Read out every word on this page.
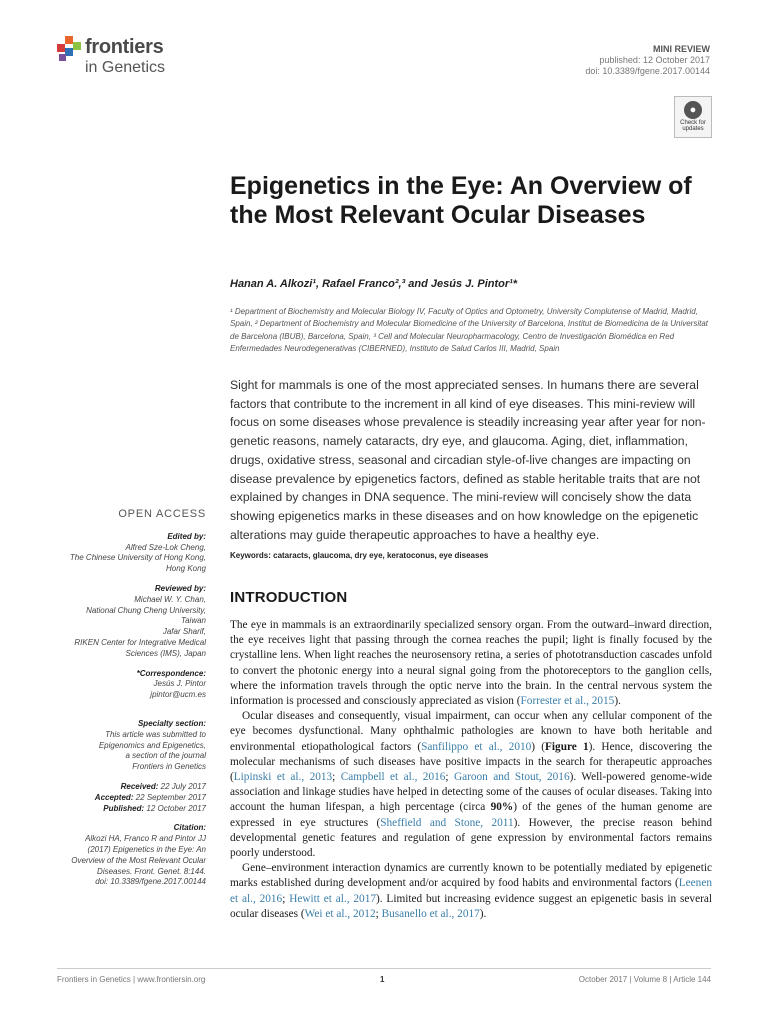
frontiers
in Genetics
MINI REVIEW
published: 12 October 2017
doi: 10.3389/fgene.2017.00144
●
Check for updates
Epigenetics in the Eye: An Overview of the Most Relevant Ocular Diseases
Hanan A. Alkozi¹, Rafael Franco²,³ and Jesús J. Pintor¹*
¹ Department of Biochemistry and Molecular Biology IV, Faculty of Optics and Optometry, University Complutense of Madrid, Madrid, Spain, ² Department of Biochemistry and Molecular Biomedicine of the University of Barcelona, Institut de Biomedicina de la Universitat de Barcelona (IBUB), Barcelona, Spain, ³ Cell and Molecular Neuropharmacology, Centro de Investigación Biomédica en Red Enfermedades Neurodegenerativas (CIBERNED), Instituto de Salud Carlos III, Madrid, Spain
Sight for mammals is one of the most appreciated senses. In humans there are several factors that contribute to the increment in all kind of eye diseases. This mini-review will focus on some diseases whose prevalence is steadily increasing year after year for non-genetic reasons, namely cataracts, dry eye, and glaucoma. Aging, diet, inflammation, drugs, oxidative stress, seasonal and circadian style-of-live changes are impacting on disease prevalence by epigenetics factors, defined as stable heritable traits that are not explained by changes in DNA sequence. The mini-review will concisely show the data showing epigenetics marks in these diseases and on how knowledge on the epigenetic alterations may guide therapeutic approaches to have a healthy eye.
Keywords: cataracts, glaucoma, dry eye, keratoconus, eye diseases
INTRODUCTION

The eye in mammals is an extraordinarily specialized sensory organ. From the outward–inward direction, the eye receives light that passing through the cornea reaches the pupil; light is finally focused by the crystalline lens. When light reaches the neurosensory retina, a series of phototransduction cascades unfold to convert the photonic energy into a neural signal going from the photoreceptors to the ganglion cells, where the information travels through the optic nerve into the brain. In the central nervous system the information is processed and consciously appreciated as vision (Forrester et al., 2015).

Ocular diseases and consequently, visual impairment, can occur when any cellular component of the eye becomes dysfunctional. Many ophthalmic pathologies are known to have both heritable and environmental etiopathological factors (Sanfilippo et al., 2010) (Figure 1). Hence, discovering the molecular mechanisms of such diseases have positive impacts in the search for therapeutic approaches (Lipinski et al., 2013; Campbell et al., 2016; Garoon and Stout, 2016). Well-powered genome-wide association and linkage studies have helped in detecting some of the causes of ocular diseases. Taking into account the human lifespan, a high percentage (circa 90%) of the genes of the human genome are expressed in eye structures (Sheffield and Stone, 2011). However, the precise reason behind developmental genetic features and regulation of gene expression by environmental factors remains poorly understood.

Gene–environment interaction dynamics are currently known to be potentially mediated by epigenetic marks established during development and/or acquired by food habits and environmental factors (Leenen et al., 2016; Hewitt et al., 2017). Limited but increasing evidence suggest an epigenetic basis in several ocular diseases (Wei et al., 2012; Busanello et al., 2017).

OPEN ACCESS
Edited by:
Alfred Sze-Lok Cheng,
The Chinese University of Hong Kong,
Hong Kong
Reviewed by:
Michael W. Y. Chan,
National Chung Cheng University,
Taiwan
Jafar Sharif,
RIKEN Center for Integrative Medical
Sciences (IMS), Japan
*Correspondence:
Jesús J. Pintor
jpintor@ucm.es
Specialty section:
This article was submitted to
Epigenomics and Epigenetics,
a section of the journal
Frontiers in Genetics
Received: 22 July 2017
Accepted: 22 September 2017
Published: 12 October 2017
Citation:
Alkozi HA, Franco R and Pintor JJ
(2017) Epigenetics in the Eye: An
Overview of the Most Relevant Ocular
Diseases. Front. Genet. 8:144.
doi: 10.3389/fgene.2017.00144
Frontiers in Genetics | www.frontiersin.org	1	October 2017 | Volume 8 | Article 144
